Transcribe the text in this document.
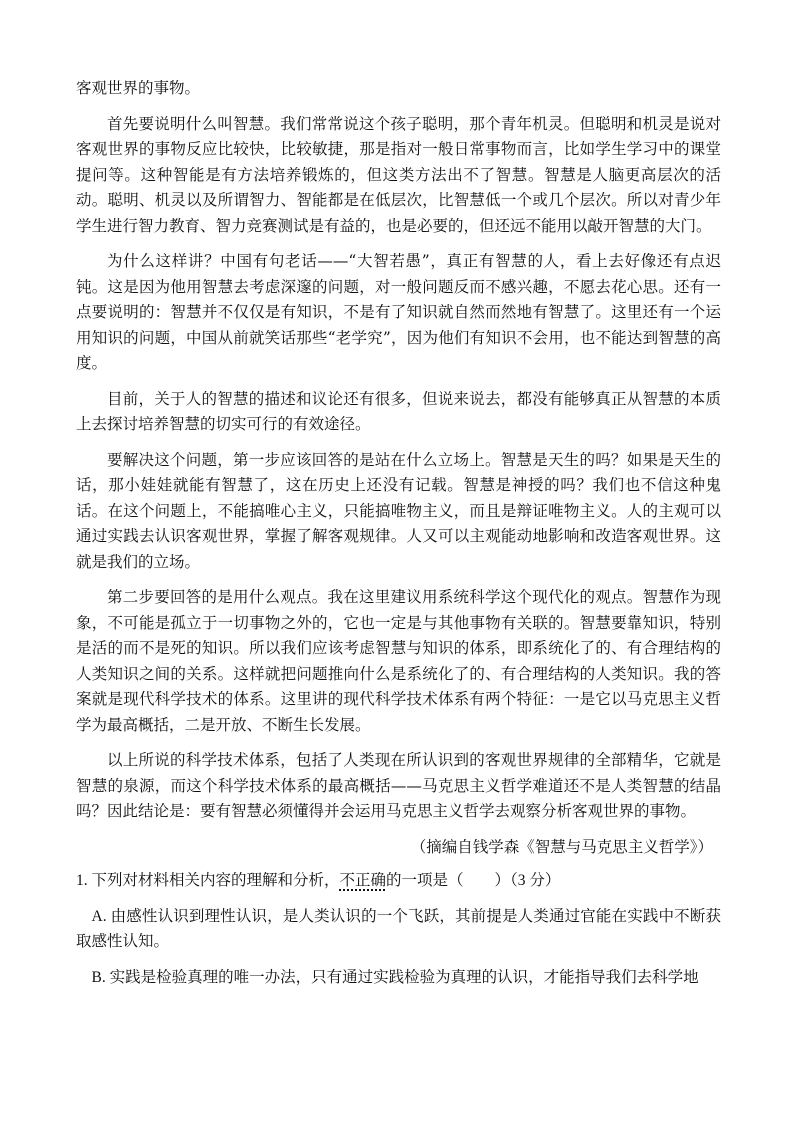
客观世界的事物。

首先要说明什么叫智慧。我们常常说这个孩子聪明，那个青年机灵。但聪明和机灵是说对客观世界的事物反应比较快，比较敏捷，那是指对一般日常事物而言，比如学生学习中的课堂提问等。这种智能是有方法培养锻炼的，但这类方法出不了智慧。智慧是人脑更高层次的活动。聪明、机灵以及所谓智力、智能都是在低层次，比智慧低一个或几个层次。所以对青少年学生进行智力教育、智力竞赛测试是有益的，也是必要的，但还远不能用以敲开智慧的大门。

为什么这样讲？中国有句老话——“大智若愚”，真正有智慧的人，看上去好像还有点迟钝。这是因为他用智慧去考虑深邃的问题，对一般问题反而不感兴趣，不愿去花心思。还有一点要说明的：智慧并不仅仅是有知识，不是有了知识就自然而然地有智慧了。这里还有一个运用知识的问题，中国从前就笑话那些“老学究”，因为他们有知识不会用，也不能达到智慧的高度。

目前，关于人的智慧的描述和议论还有很多，但说来说去，都没有能够真正从智慧的本质上去探讨培养智慧的切实可行的有效途径。

要解决这个问题，第一步应该回答的是站在什么立场上。智慧是天生的吗？如果是天生的话，那小娃娃就能有智慧了，这在历史上还没有记载。智慧是神授的吗？我们也不信这种鬼话。在这个问题上，不能搞唯心主义，只能搞唯物主义，而且是辩证唯物主义。人的主观可以通过实践去认识客观世界，掌握了解客观规律。人又可以主观能动地影响和改造客观世界。这就是我们的立场。

第二步要回答的是用什么观点。我在这里建议用系统科学这个现代化的观点。智慧作为现象，不可能是孤立于一切事物之外的，它也一定是与其他事物有关联的。智慧要靠知识，特别是活的而不是死的知识。所以我们应该考虑智慧与知识的体系，即系统化了的、有合理结构的人类知识之间的关系。这样就把问题推向什么是系统化了的、有合理结构的人类知识。我的答案就是现代科学技术的体系。这里讲的现代科学技术体系有两个特征：一是它以马克思主义哲学为最高概括，二是开放、不断生长发展。

以上所说的科学技术体系，包括了人类现在所认识到的客观世界规律的全部精华，它就是智慧的泉源，而这个科学技术体系的最高概括——马克思主义哲学难道还不是人类智慧的结晶吗？因此结论是：要有智慧必须懂得并会运用马克思主义哲学去观察分析客观世界的事物。

（摘编自钱学森《智慧与马克思主义哲学》）
1. 下列对材料相关内容的理解和分析，不正确的一项是（　　）（3 分）
A. 由感性认识到理性认识，是人类认识的一个飞跃，其前提是人类通过官能在实践中不断获取感性认知。
B. 实践是检验真理的唯一办法，只有通过实践检验为真理的认识，才能指导我们去科学地
